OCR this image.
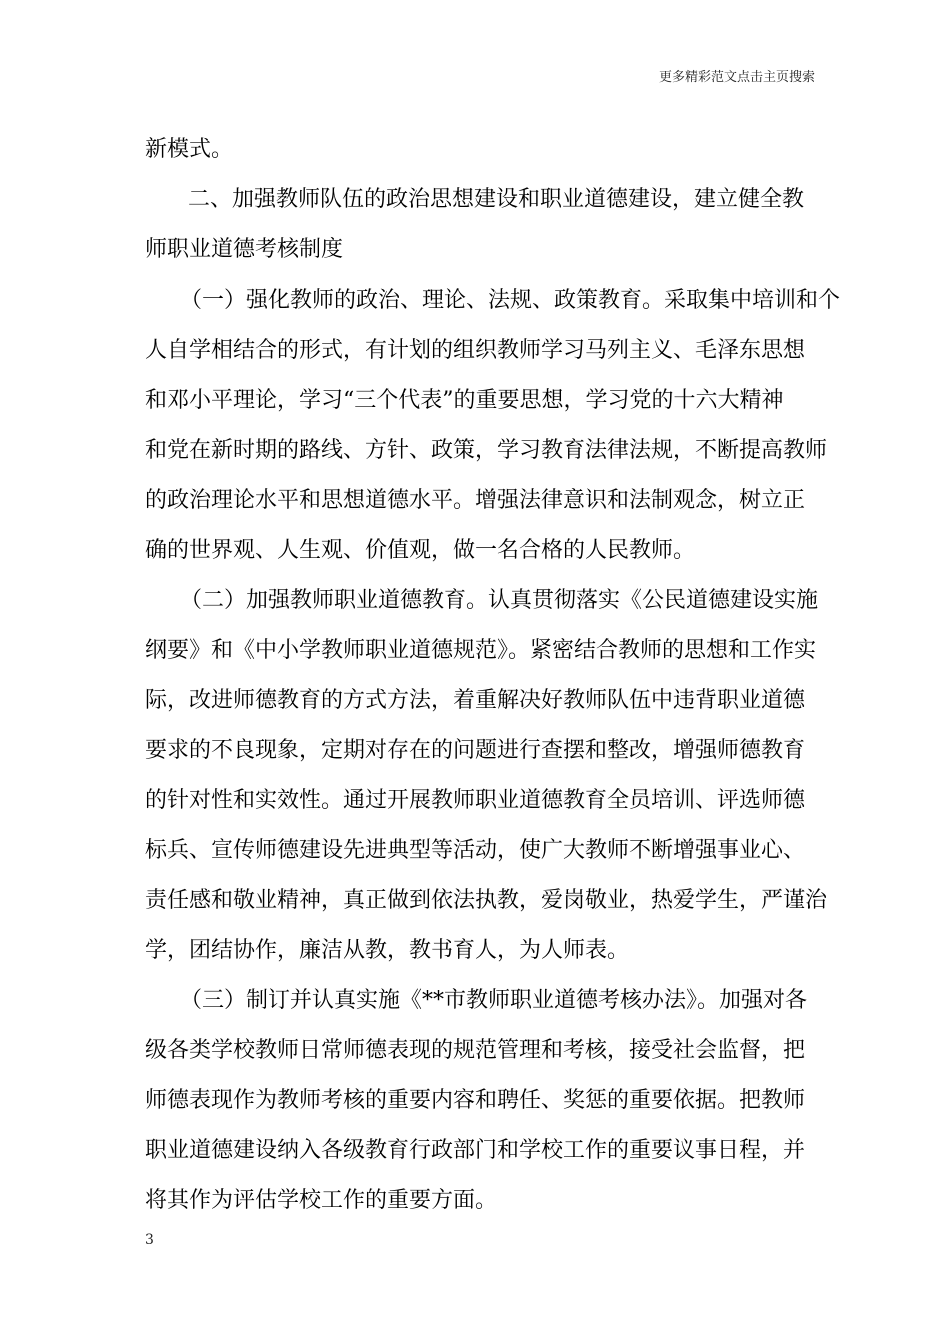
更多精彩范文点击主页搜索
新模式。
二、加强教师队伍的政治思想建设和职业道德建设，建立健全教
师职业道德考核制度
（一）强化教师的政治、理论、法规、政策教育。采取集中培训和个
人自学相结合的形式，有计划的组织教师学习马列主义、毛泽东思想
和邓小平理论，学习“三个代表”的重要思想，学习党的十六大精神
和党在新时期的路线、方针、政策，学习教育法律法规，不断提高教师
的政治理论水平和思想道德水平。增强法律意识和法制观念，树立正
确的世界观、人生观、价值观，做一名合格的人民教师。
（二）加强教师职业道德教育。认真贯彻落实《公民道德建设实施
纲要》和《中小学教师职业道德规范》。紧密结合教师的思想和工作实
际，改进师德教育的方式方法，着重解决好教师队伍中违背职业道德
要求的不良现象，定期对存在的问题进行查摆和整改，增强师德教育
的针对性和实效性。通过开展教师职业道德教育全员培训、评选师德
标兵、宣传师德建设先进典型等活动，使广大教师不断增强事业心、
责任感和敬业精神，真正做到依法执教，爱岗敬业，热爱学生，严谨治
学，团结协作，廉洁从教，教书育人，为人师表。
（三）制订并认真实施《**市教师职业道德考核办法》。加强对各
级各类学校教师日常师德表现的规范管理和考核，接受社会监督，把
师德表现作为教师考核的重要内容和聘任、奖惩的重要依据。把教师
职业道德建设纳入各级教育行政部门和学校工作的重要议事日程，并
将其作为评估学校工作的重要方面。
3
